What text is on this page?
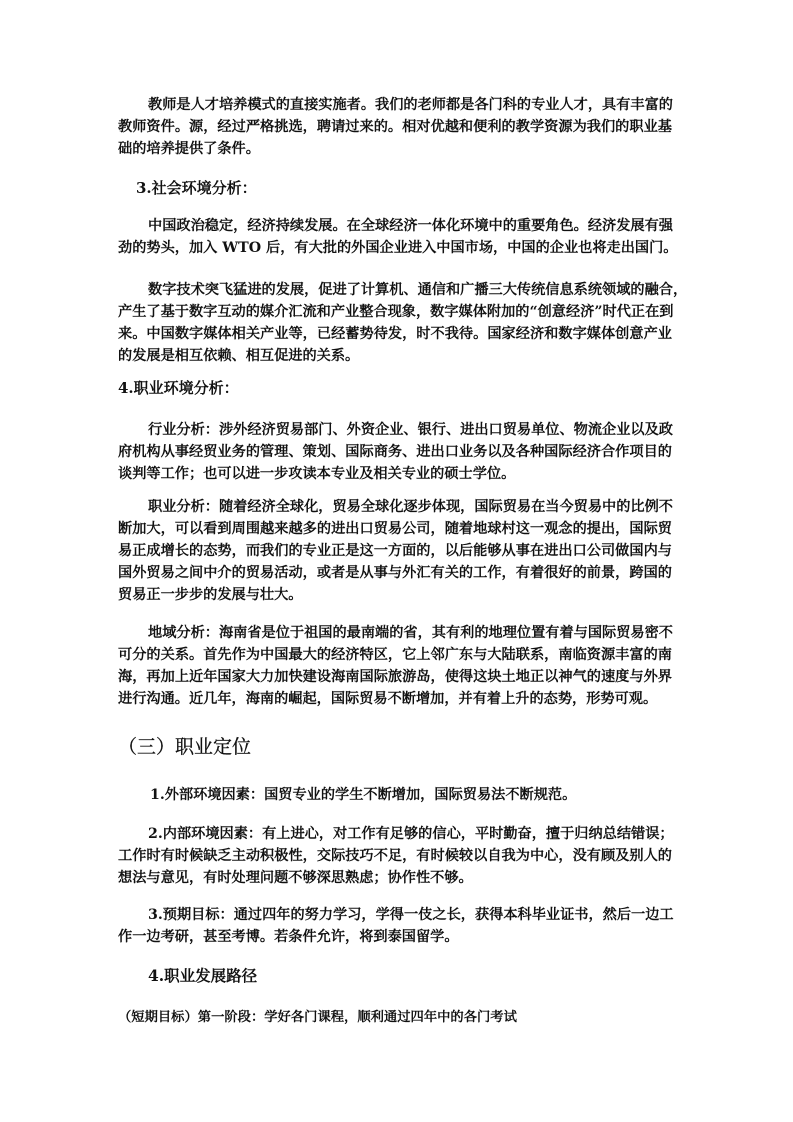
教师是人才培养模式的直接实施者。我们的老师都是各门科的专业人才，具有丰富的
教师资件。源，经过严格挑选，聘请过来的。相对优越和便利的教学资源为我们的职业基
础的培养提供了条件。
3.社会环境分析：
中国政治稳定，经济持续发展。在全球经济一体化环境中的重要角色。经济发展有强
劲的势头，加入 WTO 后，有大批的外国企业进入中国市场，中国的企业也将走出国门。
数字技术突飞猛进的发展，促进了计算机、通信和广播三大传统信息系统领域的融合，
产生了基于数字互动的媒介汇流和产业整合现象，数字媒体附加的“创意经济”时代正在到
来。中国数字媒体相关产业等，已经蓄势待发，时不我待。国家经济和数字媒体创意产业
的发展是相互依赖、相互促进的关系。
4.职业环境分析：
行业分析：涉外经济贸易部门、外资企业、银行、进出口贸易单位、物流企业以及政
府机构从事经贸业务的管理、策划、国际商务、进出口业务以及各种国际经济合作项目的
谈判等工作；也可以进一步攻读本专业及相关专业的硕士学位。
职业分析：随着经济全球化，贸易全球化逐步体现，国际贸易在当今贸易中的比例不
断加大，可以看到周围越来越多的进出口贸易公司，随着地球村这一观念的提出，国际贸
易正成增长的态势，而我们的专业正是这一方面的，以后能够从事在进出口公司做国内与
国外贸易之间中介的贸易活动，或者是从事与外汇有关的工作，有着很好的前景，跨国的
贸易正一步步的发展与壮大。
地域分析：海南省是位于祖国的最南端的省，其有利的地理位置有着与国际贸易密不
可分的关系。首先作为中国最大的经济特区，它上邻广东与大陆联系，南临资源丰富的南
海，再加上近年国家大力加快建设海南国际旅游岛，使得这块土地正以神气的速度与外界
进行沟通。近几年，海南的崛起，国际贸易不断增加，并有着上升的态势，形势可观。
（三）职业定位
1.外部环境因素：国贸专业的学生不断增加，国际贸易法不断规范。
2.内部环境因素：有上进心，对工作有足够的信心，平时勤奋，擅于归纳总结错误；
工作时有时候缺乏主动积极性，交际技巧不足，有时候较以自我为中心，没有顾及别人的
想法与意见，有时处理问题不够深思熟虑；协作性不够。
3.预期目标：通过四年的努力学习，学得一伎之长，获得本科毕业证书，然后一边工
作一边考研，甚至考博。若条件允许，将到泰国留学。
4.职业发展路径
（短期目标）第一阶段：学好各门课程，顺利通过四年中的各门考试
